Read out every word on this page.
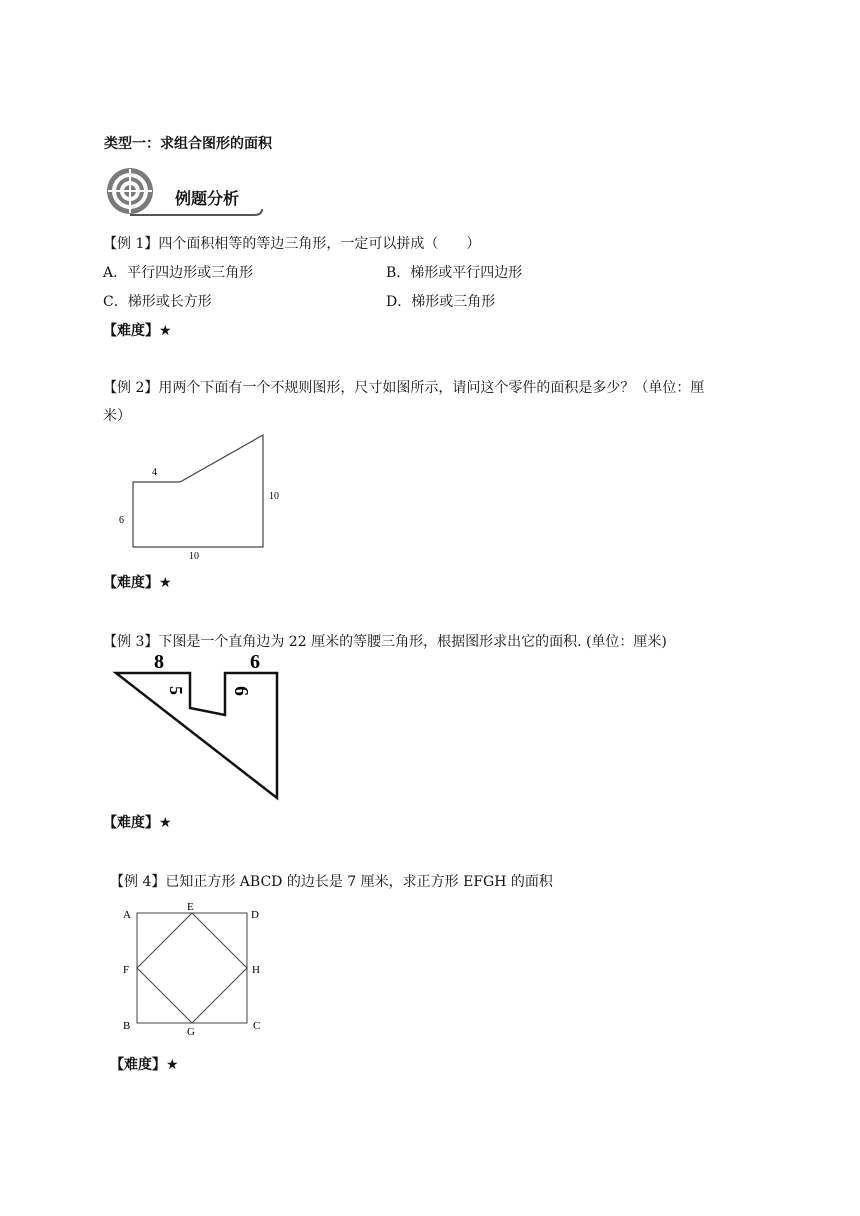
类型一：求组合图形的面积
例题分析
【例 1】四个面积相等的等边三角形，一定可以拼成（　　）
A．平行四边形或三角形	B．梯形或平行四边形
C．梯形或长方形	D．梯形或三角形
【难度】★
【例 2】用两个下面有一个不规则图形，尺寸如图所示，请问这个零件的面积是多少？（单位：厘
米）
4
6
10
10
【难度】★
【例 3】下图是一个直角边为 22 厘米的等腰三角形，根据图形求出它的面积. (单位：厘米)
8	6
5 6
【难度】★
【例 4】已知正方形 ABCD 的边长是 7 厘米，求正方形 EFGH 的面积
A
E
D
F	H
B	G	C
【难度】★
